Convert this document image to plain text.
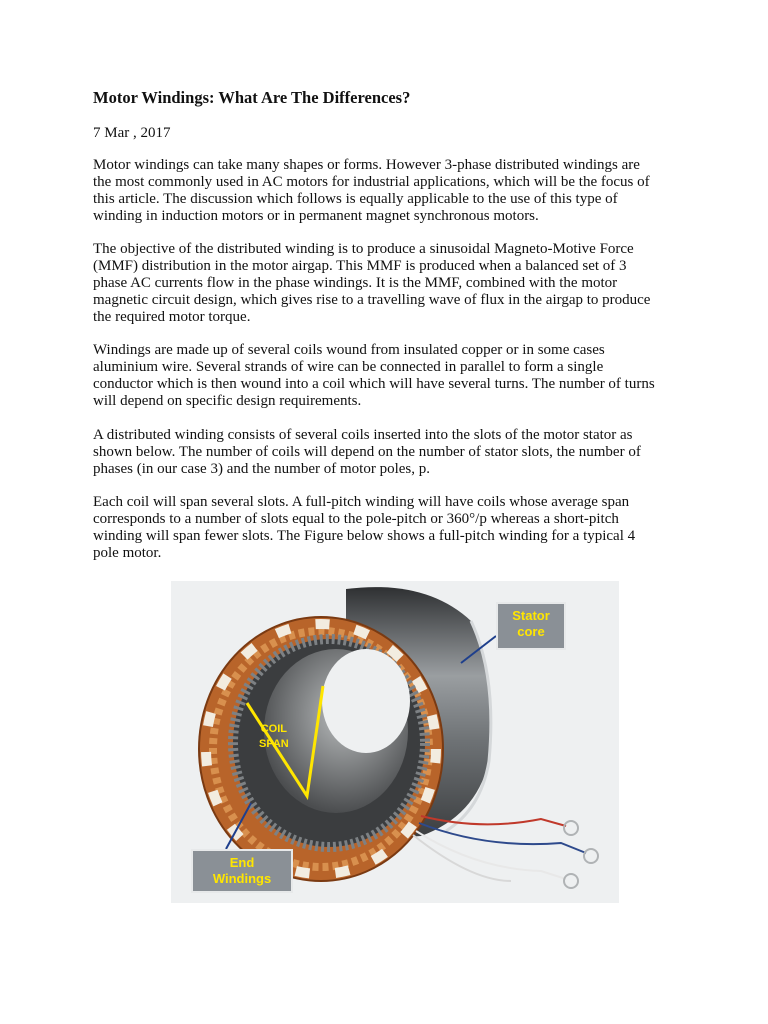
Motor Windings: What Are The Differences?
7 Mar , 2017

Motor windings can take many shapes or forms. However 3-phase distributed windings are
the most commonly used in AC motors for industrial applications, which will be the focus of
this article. The discussion which follows is equally applicable to the use of this type of
winding in induction motors or in permanent magnet synchronous motors.

The objective of the distributed winding is to produce a sinusoidal Magneto-Motive Force
(MMF) distribution in the motor airgap. This MMF is produced when a balanced set of 3
phase AC currents flow in the phase windings. It is the MMF, combined with the motor
magnetic circuit design, which gives rise to a travelling wave of flux in the airgap to produce
the required motor torque.

Windings are made up of several coils wound from insulated copper or in some cases
aluminium wire. Several strands of wire can be connected in parallel to form a single
conductor which is then wound into a coil which will have several turns. The number of turns
will depend on specific design requirements.

A distributed winding consists of several coils inserted into the slots of the motor stator as
shown below. The number of coils will depend on the number of stator slots, the number of
phases (in our case 3) and the number of motor poles, p.

Each coil will span several slots. A full-pitch winding will have coils whose average span
corresponds to a number of slots equal to the pole-pitch or 360°/p whereas a short-pitch
winding will span fewer slots. The Figure below shows a full-pitch winding for a typical 4
pole motor.

Stator
core
COIL
SPAN
End
Windings
